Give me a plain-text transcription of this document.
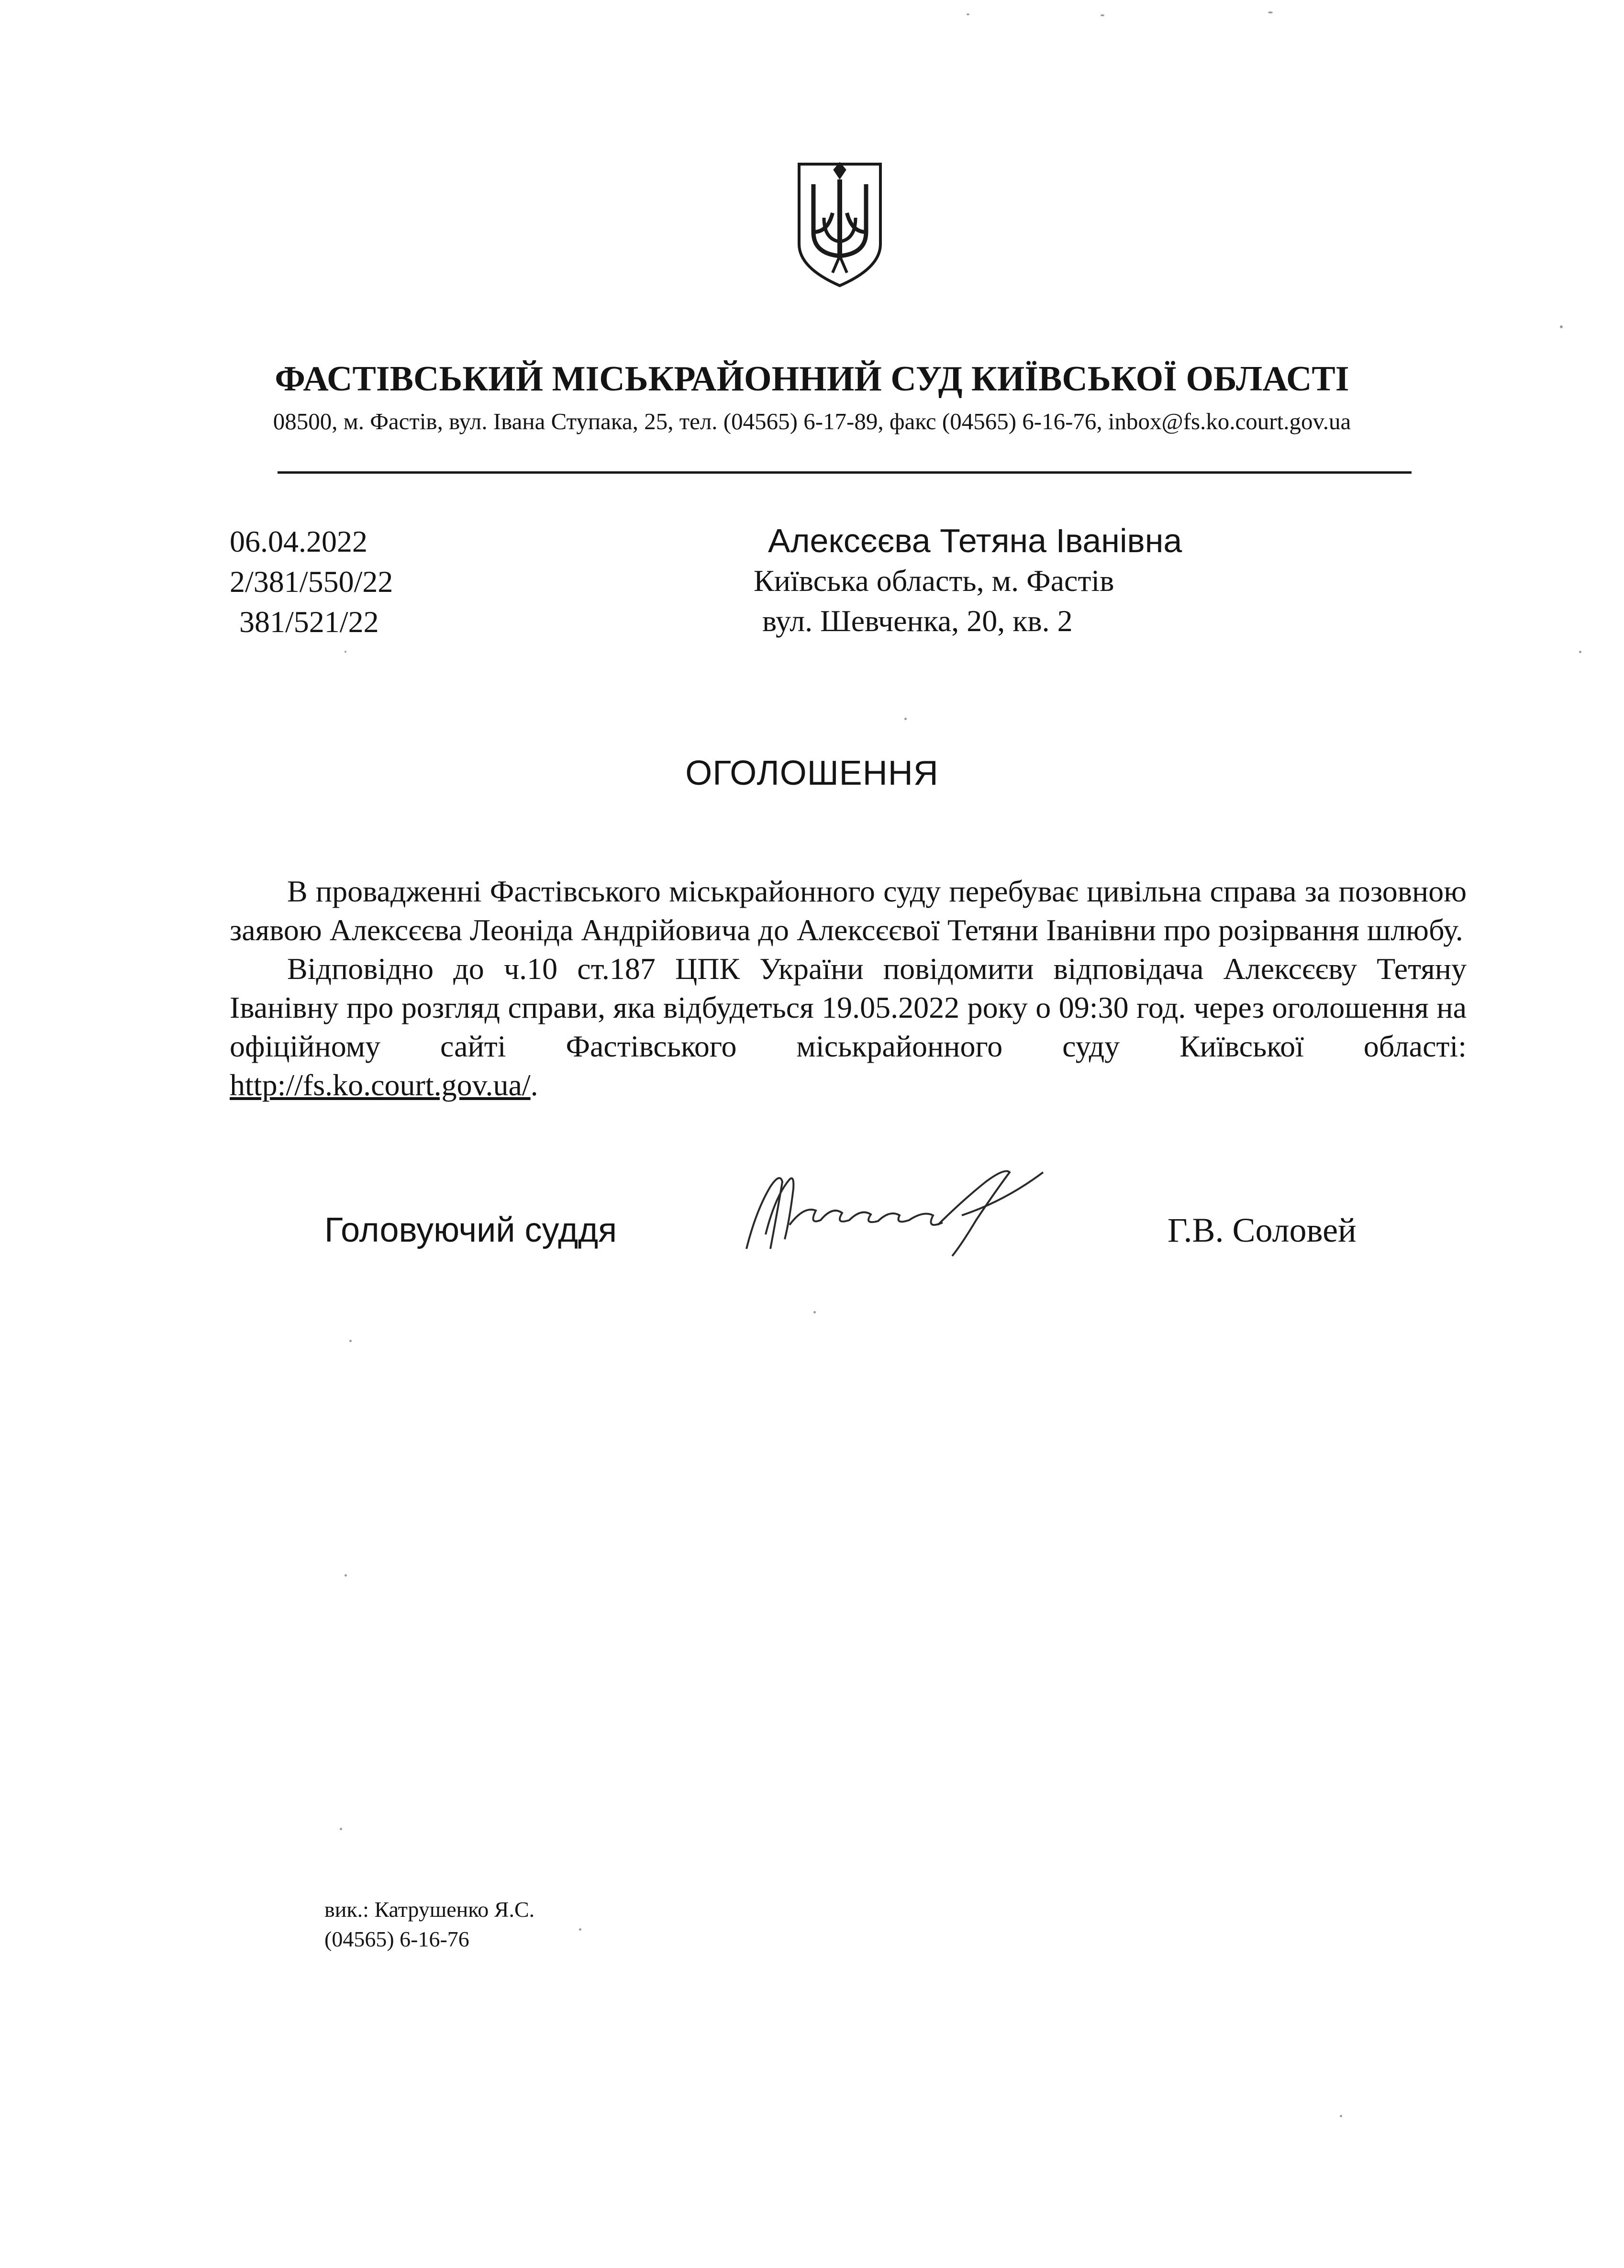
ФАСТІВСЬКИЙ МІСЬКРАЙОННИЙ СУД КИЇВСЬКОЇ ОБЛАСТІ
08500, м. Фастів, вул. Івана Ступака, 25, тел. (04565) 6-17-89, факс (04565) 6-16-76, inbox@fs.ko.court.gov.ua
06.04.2022
2/381/550/22
381/521/22
Алексєєва Тетяна Іванівна
Київська область, м. Фастів
вул. Шевченка, 20, кв. 2
ОГОЛОШЕННЯ

В провадженні Фастівського міськрайонного суду перебуває цивільна справа за позовною заявою Алексєєва Леоніда Андрійовича до Алексєєвої Тетяни Іванівни про розірвання шлюбу.

Відповідно до ч.10 ст.187 ЦПК України повідомити відповідача Алексєєву Тетяну Іванівну про розгляд справи, яка відбудеться 19.05.2022 року о 09:30 год. через оголошення на офіційному сайті Фастівського міськрайонного суду Київської області: http://fs.ko.court.gov.ua/.

Головуючий суддя	Г.В. Соловей
вик.: Катрушенко Я.С.
(04565) 6-16-76
